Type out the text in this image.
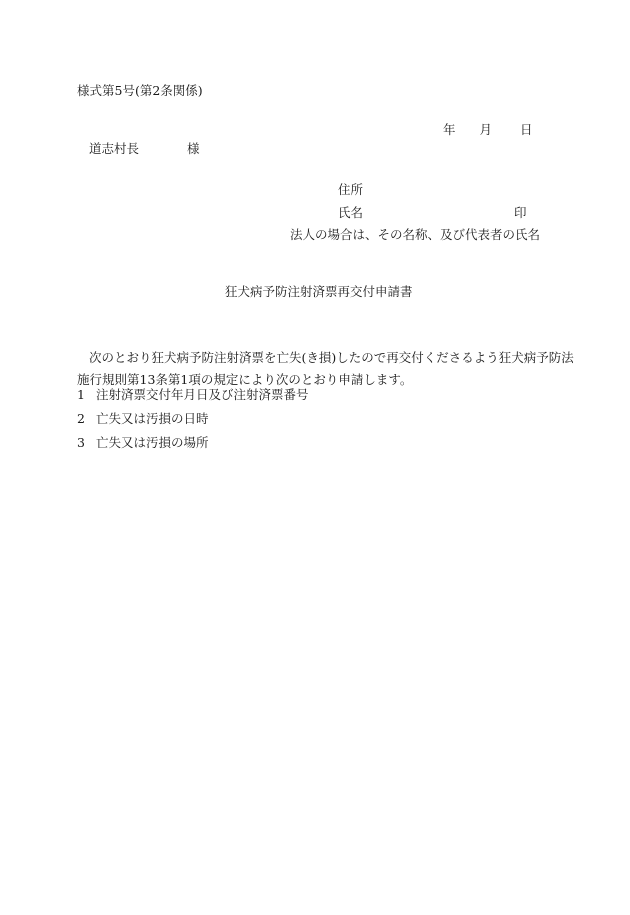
様式第5号(第2条関係)
年 月 日
道志村長	様
住所
氏名	印
法人の場合は、その名称、及び代表者の氏名
狂犬病予防注射済票再交付申請書
次のとおり狂犬病予防注射済票を亡失(き損)したので再交付くださるよう狂犬病予防法施行規則第13条第1項の規定により次のとおり申請します。
1 注射済票交付年月日及び注射済票番号
2 亡失又は汚損の日時
3 亡失又は汚損の場所
